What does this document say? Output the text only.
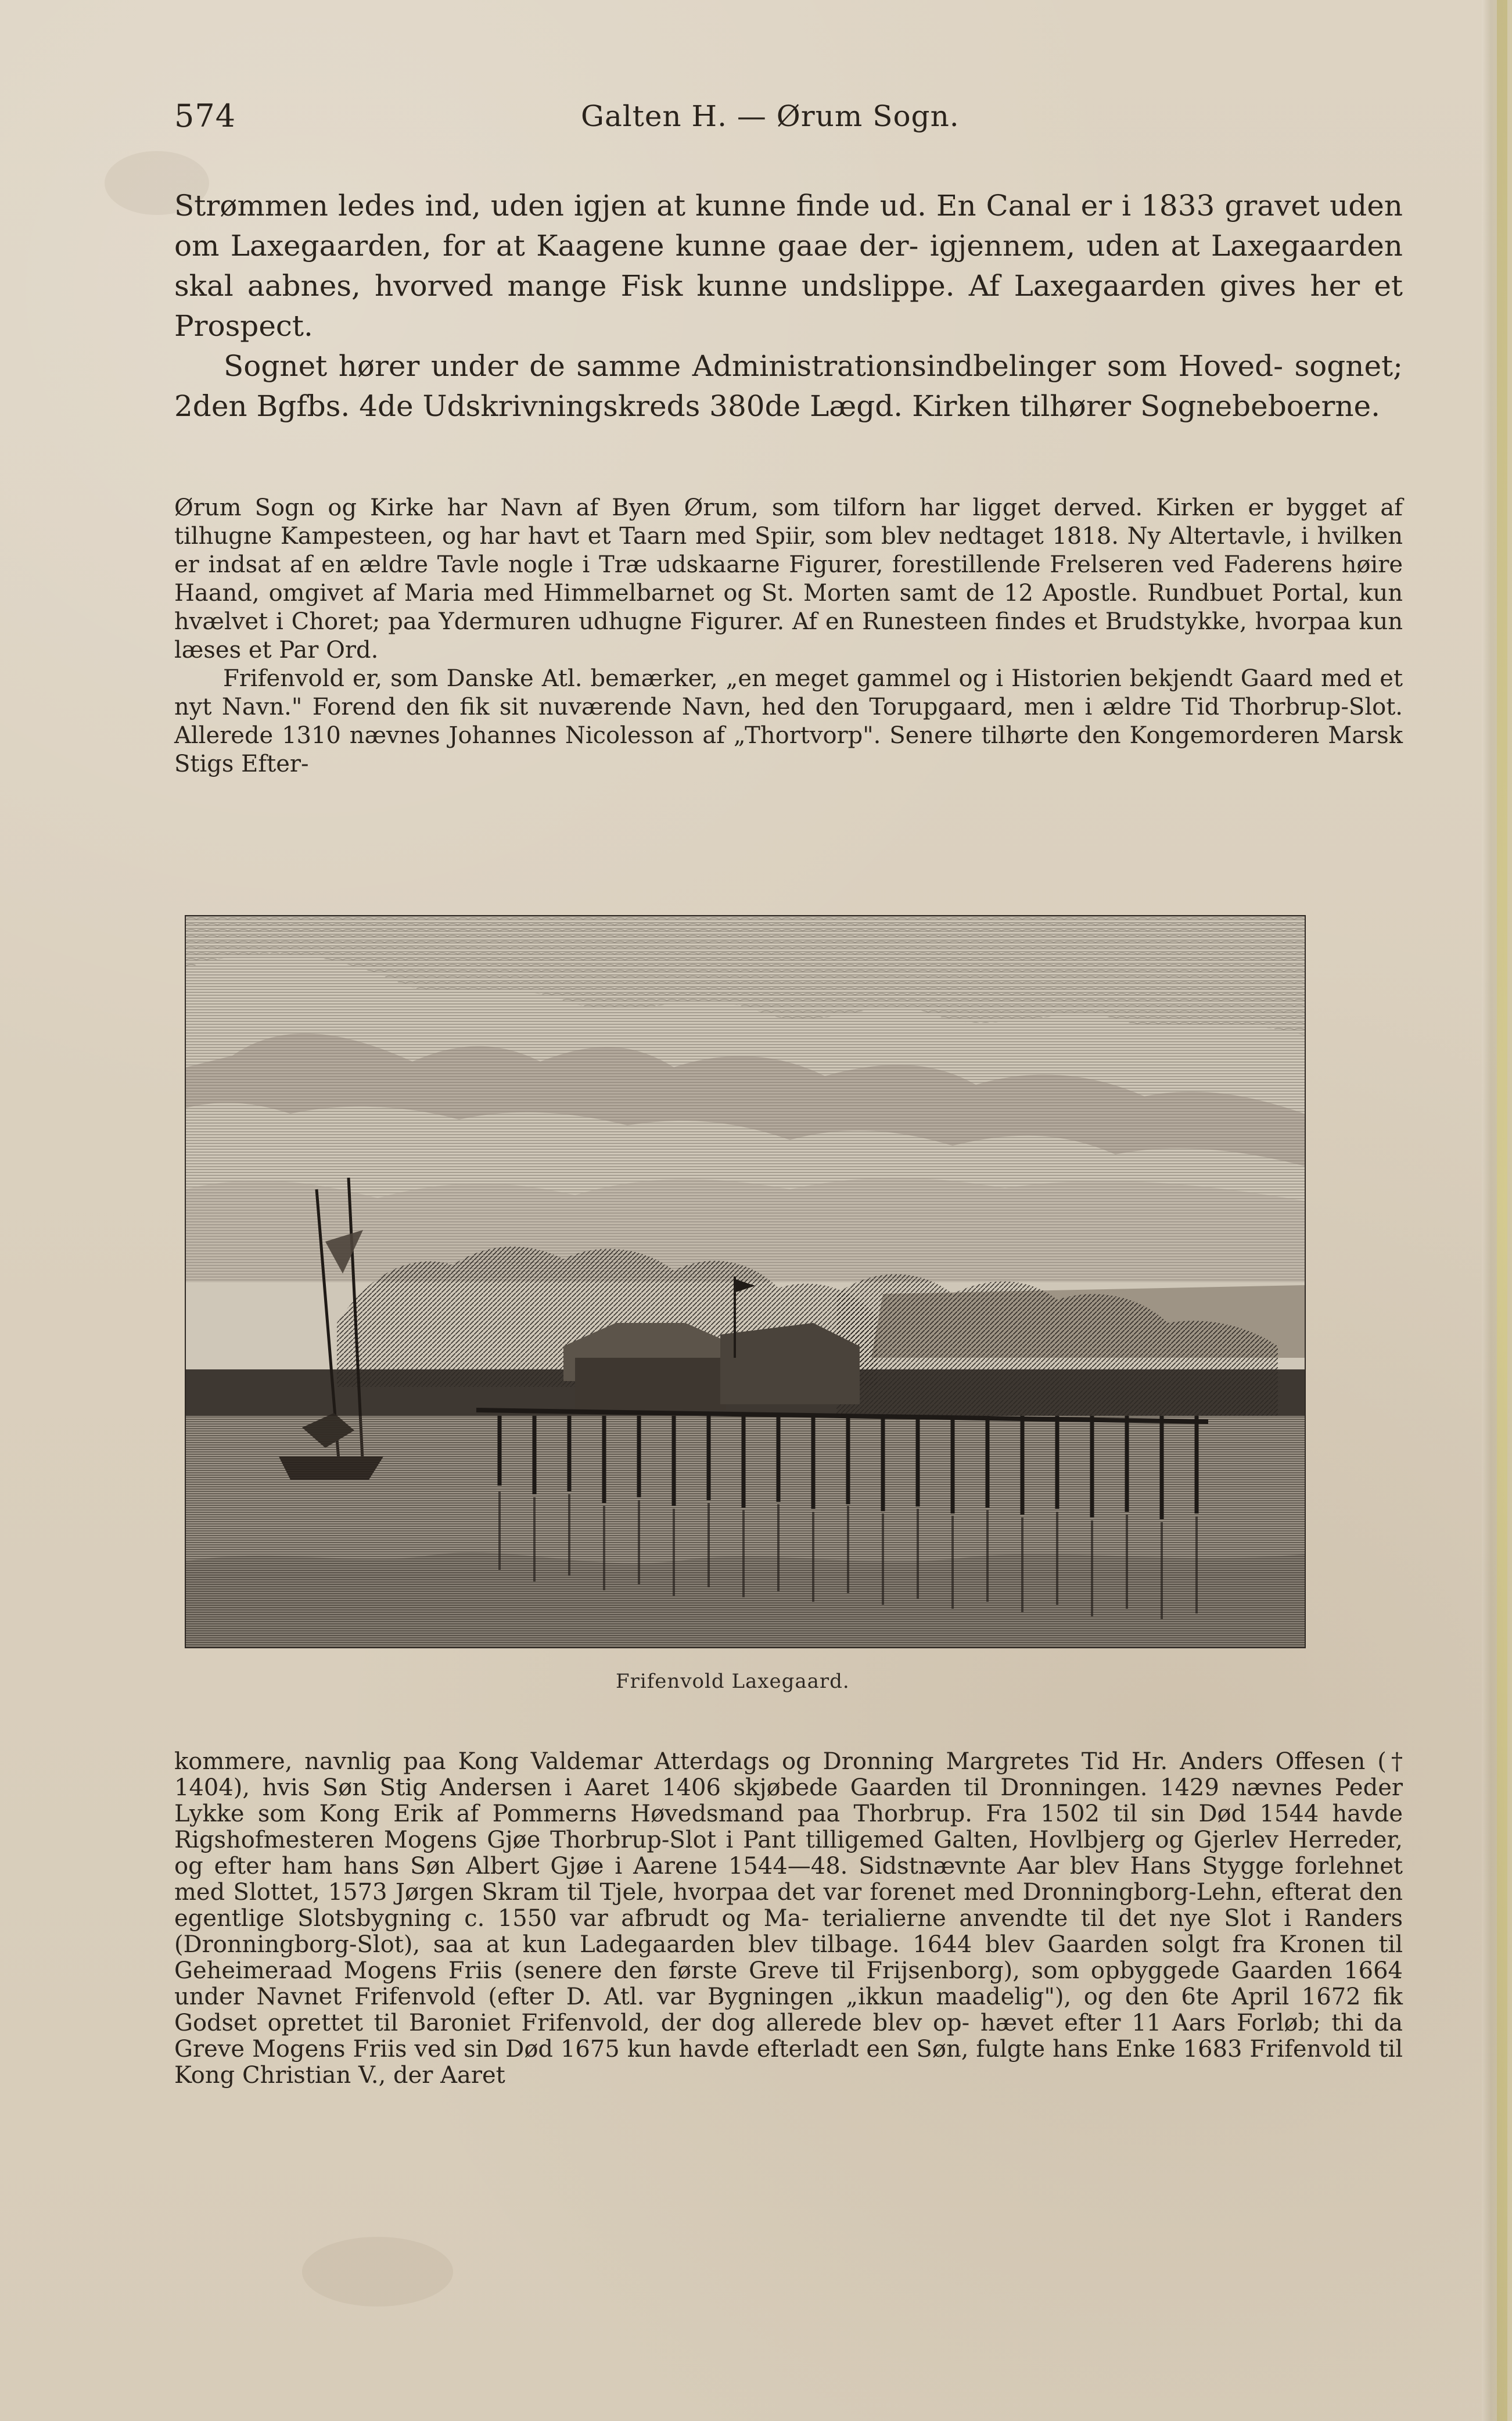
574	Galten H. — Ørum Sogn.

Strømmen ledes ind, uden igjen at kunne finde ud. En Canal er i 1833 gravet uden om Laxegaarden, for at Kaagene kunne gaae der- igjennem, uden at Laxegaarden skal aabnes, hvorved mange Fisk kunne undslippe. Af Laxegaarden gives her et Prospect.

Sognet hører under de samme Administrationsindbelinger som Hoved- sognet; 2den Bgfbs. 4de Udskrivningskreds 380de Lægd. Kirken tilhører Sognebeboerne.

Ørum Sogn og Kirke har Navn af Byen Ørum, som tilforn har ligget derved. Kirken er bygget af tilhugne Kampesteen, og har havt et Taarn med Spiir, som blev nedtaget 1818. Ny Altertavle, i hvilken er indsat af en ældre Tavle nogle i Træ udskaarne Figurer, forestillende Frelseren ved Faderens høire Haand, omgivet af Maria med Himmelbarnet og St. Morten samt de 12 Apostle. Rundbuet Portal, kun hvælvet i Choret; paa Ydermuren udhugne Figurer. Af en Runesteen findes et Brudstykke, hvorpaa kun læses et Par Ord.

Frifenvold er, som Danske Atl. bemærker, „en meget gammel og i Historien bekjendt Gaard med et nyt Navn." Forend den fik sit nuværende Navn, hed den Torupgaard, men i ældre Tid Thorbrup-Slot. Allerede 1310 nævnes Johannes Nicolesson af „Thortvorp". Senere tilhørte den Kongemorderen Marsk Stigs Efter-

Frifenvold Laxegaard.

kommere, navnlig paa Kong Valdemar Atterdags og Dronning Margretes Tid Hr. Anders Offesen († 1404), hvis Søn Stig Andersen i Aaret 1406 skjøbede Gaarden til Dronningen. 1429 nævnes Peder Lykke som Kong Erik af Pommerns Høvedsmand paa Thorbrup. Fra 1502 til sin Død 1544 havde Rigshofmesteren Mogens Gjøe Thorbrup-Slot i Pant tilligemed Galten, Hovlbjerg og Gjerlev Herreder, og efter ham hans Søn Albert Gjøe i Aarene 1544—48. Sidstnævnte Aar blev Hans Stygge forlehnet med Slottet, 1573 Jørgen Skram til Tjele, hvorpaa det var forenet med Dronningborg-Lehn, efterat den egentlige Slotsbygning c. 1550 var afbrudt og Ma- terialierne anvendte til det nye Slot i Randers (Dronningborg-Slot), saa at kun Ladegaarden blev tilbage. 1644 blev Gaarden solgt fra Kronen til Geheimeraad Mogens Friis (senere den første Greve til Frijsenborg), som opbyggede Gaarden 1664 under Navnet Frifenvold (efter D. Atl. var Bygningen „ikkun maadelig"), og den 6te April 1672 fik Godset oprettet til Baroniet Frifenvold, der dog allerede blev op- hævet efter 11 Aars Forløb; thi da Greve Mogens Friis ved sin Død 1675 kun havde efterladt een Søn, fulgte hans Enke 1683 Frifenvold til Kong Christian V., der Aaret
